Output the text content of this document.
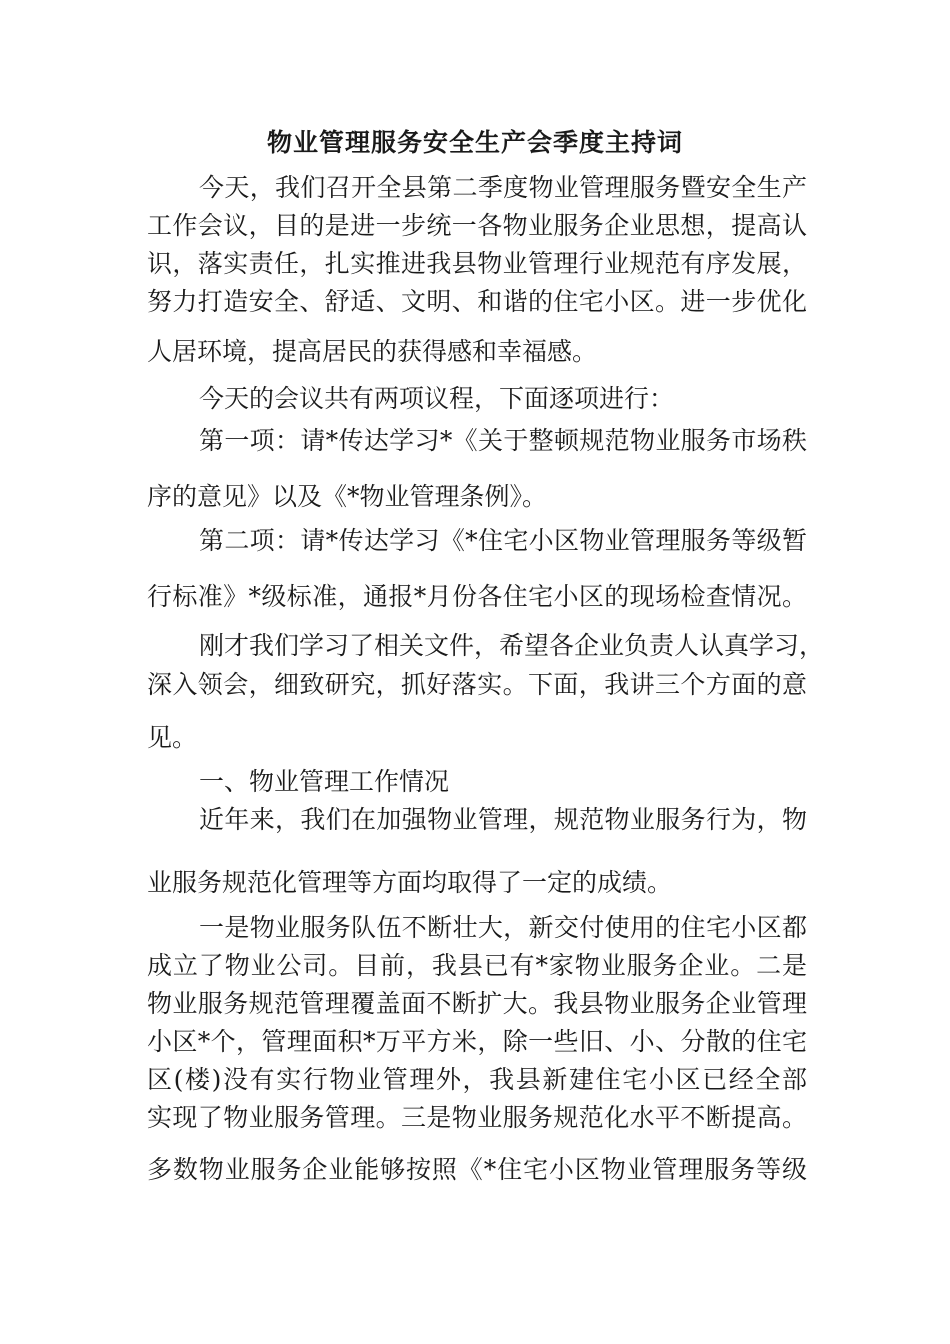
物业管理服务安全生产会季度主持词
今天，我们召开全县第二季度物业管理服务暨安全生产
工作会议，目的是进一步统一各物业服务企业思想，提高认
识，落实责任，扎实推进我县物业管理行业规范有序发展，
努力打造安全、舒适、文明、和谐的住宅小区。进一步优化
人居环境，提高居民的获得感和幸福感。
今天的会议共有两项议程，下面逐项进行：
第一项：请*传达学习*《关于整顿规范物业服务市场秩
序的意见》以及《*物业管理条例》。
第二项：请*传达学习《*住宅小区物业管理服务等级暂
行标准》*级标准，通报*月份各住宅小区的现场检查情况。
刚才我们学习了相关文件，希望各企业负责人认真学习，
深入领会，细致研究，抓好落实。下面，我讲三个方面的意
见。
一、物业管理工作情况
近年来，我们在加强物业管理，规范物业服务行为，物
业服务规范化管理等方面均取得了一定的成绩。
一是物业服务队伍不断壮大，新交付使用的住宅小区都
成立了物业公司。目前，我县已有*家物业服务企业。二是
物业服务规范管理覆盖面不断扩大。我县物业服务企业管理
小区*个，管理面积*万平方米，除一些旧、小、分散的住宅
区(楼)没有实行物业管理外，我县新建住宅小区已经全部
实现了物业服务管理。三是物业服务规范化水平不断提高。
多数物业服务企业能够按照《*住宅小区物业管理服务等级
